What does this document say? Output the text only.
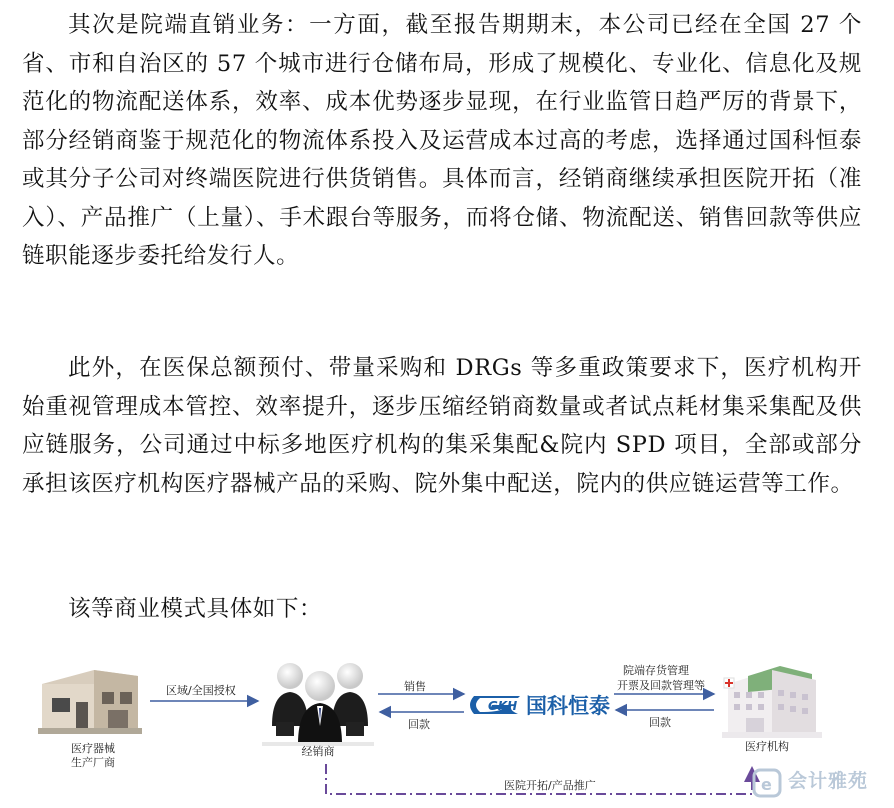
其次是院端直销业务：一方面，截至报告期期末，本公司已经在全国 27 个省、市和自治区的 57 个城市进行仓储布局，形成了规模化、专业化、信息化及规范化的物流配送体系，效率、成本优势逐步显现，在行业监管日趋严厉的背景下，部分经销商鉴于规范化的物流体系投入及运营成本过高的考虑，选择通过国科恒泰或其分子公司对终端医院进行供货销售。具体而言，经销商继续承担医院开拓（准入）、产品推广（上量）、手术跟台等服务，而将仓储、物流配送、销售回款等供应链职能逐步委托给发行人。

此外，在医保总额预付、带量采购和 DRGs 等多重政策要求下，医疗机构开始重视管理成本管控、效率提升，逐步压缩经销商数量或者试点耗材集采集配及供应链服务，公司通过中标多地医疗机构的集采集配&院内 SPD 项目，全部或部分承担该医疗机构医疗器械产品的采购、院外集中配送，院内的供应链运营等工作。

该等商业模式具体如下：

医疗器械
生产厂商
经销商
GKH 国科恒泰
医疗机构
区域/全国授权	销售
回款
院端存货管理
开票及回款管理等
回款
医院开拓/产品推广	e 会计雅苑
